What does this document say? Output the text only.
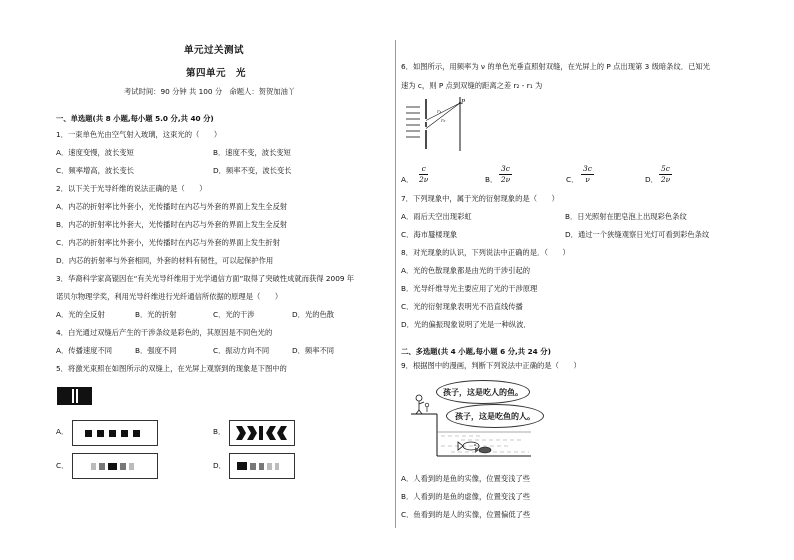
单元过关测试
第四单元　光
考试时间：90 分钟 共 100 分　命题人：贺贺加油丫
一、单选题(共 8 小题,每小题 5.0 分,共 40 分)
1．一束单色光由空气射入玻璃，这束光的（　　）
A．速度变慢，波长变短	B．速度不变，波长变短
C．频率增高，波长变长	D．频率不变，波长变长
2．以下关于光导纤维的说法正确的是（　　）
A．内芯的折射率比外套小，光传播时在内芯与外套的界面上发生全反射
B．内芯的折射率比外套大，光传播时在内芯与外套的界面上发生全反射
C．内芯的折射率比外套小，光传播时在内芯与外套的界面上发生折射
D．内芯的折射率与外套相同，外套的材料有韧性，可以起保护作用
3．华裔科学家高锟因在“有关光导纤维用于光学通信方面”取得了突破性成就而获得 2009 年
诺贝尔物理学奖，利用光导纤维进行光纤通信所依据的原理是（　　）
A．光的全反射	B．光的折射	C．光的干涉	D．光的色散
4．白光通过双缝后产生的干涉条纹是彩色的，其原因是不同色光的
A．传播速度不同	B．强度不同	C．振动方向不同	D．频率不同
5．将激光束照在如图所示的双缝上，在光屏上观察到的现象是下图中的
A．	B．
C．	D．
6．如图所示，用频率为 ν 的单色光垂直照射双缝，在光屏上的 P 点出现第 3 级暗条纹．已知光
速为 c，则 P 点到双缝的距离之差 r₂ - r₁ 为
P
r₁
r₂
A． $\frac{c}{2\nu}$	B． $\frac{3c}{2\nu}$	C． $\frac{3c}{\nu}$	D． $\frac{5c}{2\nu}$
7．下列现象中，属于光的衍射现象的是（　　）
A．雨后天空出现彩虹	B．日光照射在肥皂泡上出现彩色条纹
C．海市蜃楼现象	D．通过一个狭缝观察日光灯可看到彩色条纹
8．对光现象的认识，下列说法中正确的是．（　　）
A．光的色散现象都是由光的干涉引起的
B．光导纤维导光主要应用了光的干涉原理
C．光的衍射现象表明光不沿直线传播
D．光的偏振现象说明了光是一种纵波．
二、多选题(共 4 小题,每小题 6 分,共 24 分)
9．根据图中的漫画，判断下列说法中正确的是（　　）
孩子，这是吃人的鱼。
孩子，这是吃鱼的人。
A．人看到的是鱼的实像，位置变浅了些
B．人看到的是鱼的虚像，位置变浅了些
C．鱼看到的是人的实像，位置偏低了些
